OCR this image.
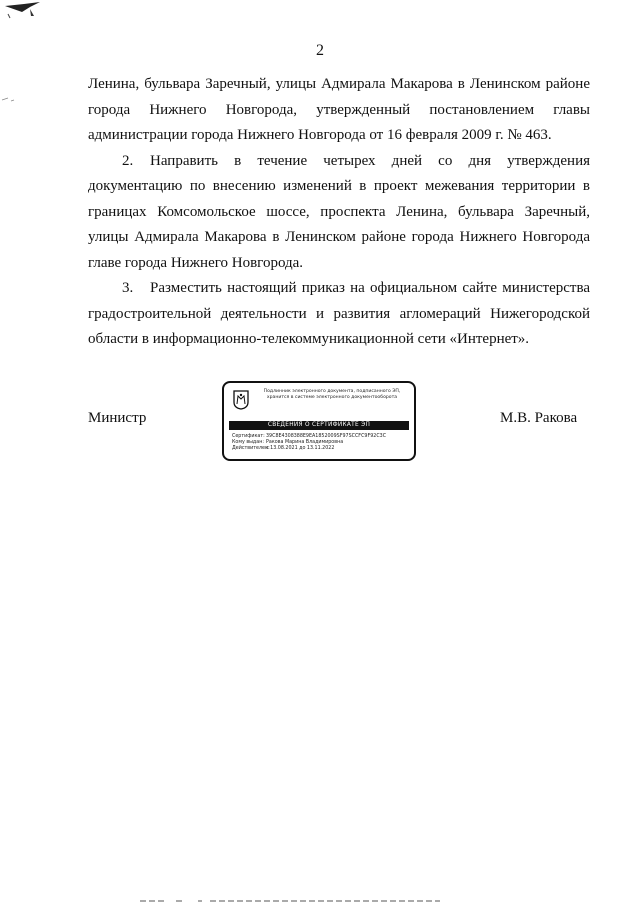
2

Ленина, бульвара Заречный, улицы Адмирала Макарова в Ленинском районе города Нижнего Новгорода, утвержденный постановлением главы администрации города Нижнего Новгорода от 16 февраля 2009 г. № 463.

2. Направить в течение четырех дней со дня утверждения документацию по внесению изменений в проект межевания территории в границах Комсомольское шоссе, проспекта Ленина, бульвара Заречный, улицы Адмирала Макарова в Ленинском районе города Нижнего Новгорода главе города Нижнего Новгорода.

3. Разместить настоящий приказ на официальном сайте министерства градостроительной деятельности и развития агломераций Нижегородской области в информационно-телекоммуникационной сети «Интернет».

Министр	М.В. Ракова
Подлинник электронного документа, подписанного ЭП,
хранится в системе электронного документооборота
СВЕДЕНИЯ О СЕРТИФИКАТЕ ЭП
Сертификат:39C8E4308388E9EA1852009SF97SCCFC9F92C3C
Кому выдан: Ракова Марина Владимировна
Действителен:с 13.08.2021 до 13.11.2022
